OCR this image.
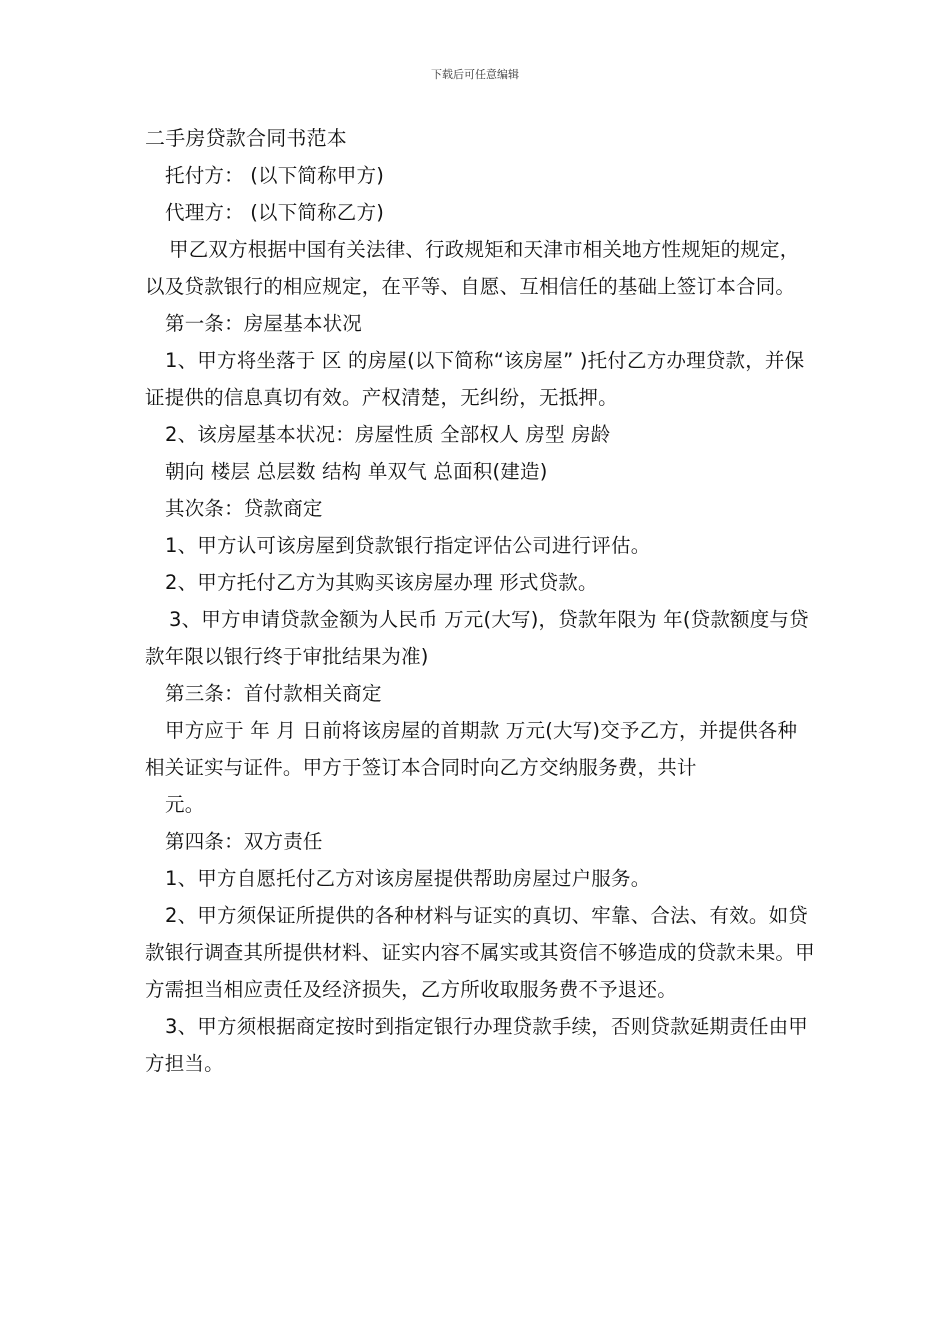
下载后可任意编辑

二手房贷款合同书范本

托付方： (以下简称甲方)

代理方： (以下简称乙方)

甲乙双方根据中国有关法律、行政规矩和天津市相关地方性规矩的规定，以及贷款银行的相应规定，在平等、自愿、互相信任的基础上签订本合同。

第一条：房屋基本状况

1、甲方将坐落于 区 的房屋(以下简称“该房屋” )托付乙方办理贷款，并保证提供的信息真切有效。产权清楚，无纠纷，无抵押。

2、该房屋基本状况：房屋性质 全部权人 房型 房龄

朝向 楼层 总层数 结构 单双气 总面积(建造)

其次条：贷款商定

1、甲方认可该房屋到贷款银行指定评估公司进行评估。

2、甲方托付乙方为其购买该房屋办理 形式贷款。

3、甲方申请贷款金额为人民币 万元(大写)，贷款年限为 年(贷款额度与贷款年限以银行终于审批结果为准)

第三条：首付款相关商定

甲方应于 年 月 日前将该房屋的首期款 万元(大写)交予乙方，并提供各种相关证实与证件。甲方于签订本合同时向乙方交纳服务费，共计

元。

第四条：双方责任

1、甲方自愿托付乙方对该房屋提供帮助房屋过户服务。

2、甲方须保证所提供的各种材料与证实的真切、牢靠、合法、有效。如贷款银行调查其所提供材料、证实内容不属实或其资信不够造成的贷款未果。甲方需担当相应责任及经济损失，乙方所收取服务费不予退还。

3、甲方须根据商定按时到指定银行办理贷款手续，否则贷款延期责任由甲方担当。
